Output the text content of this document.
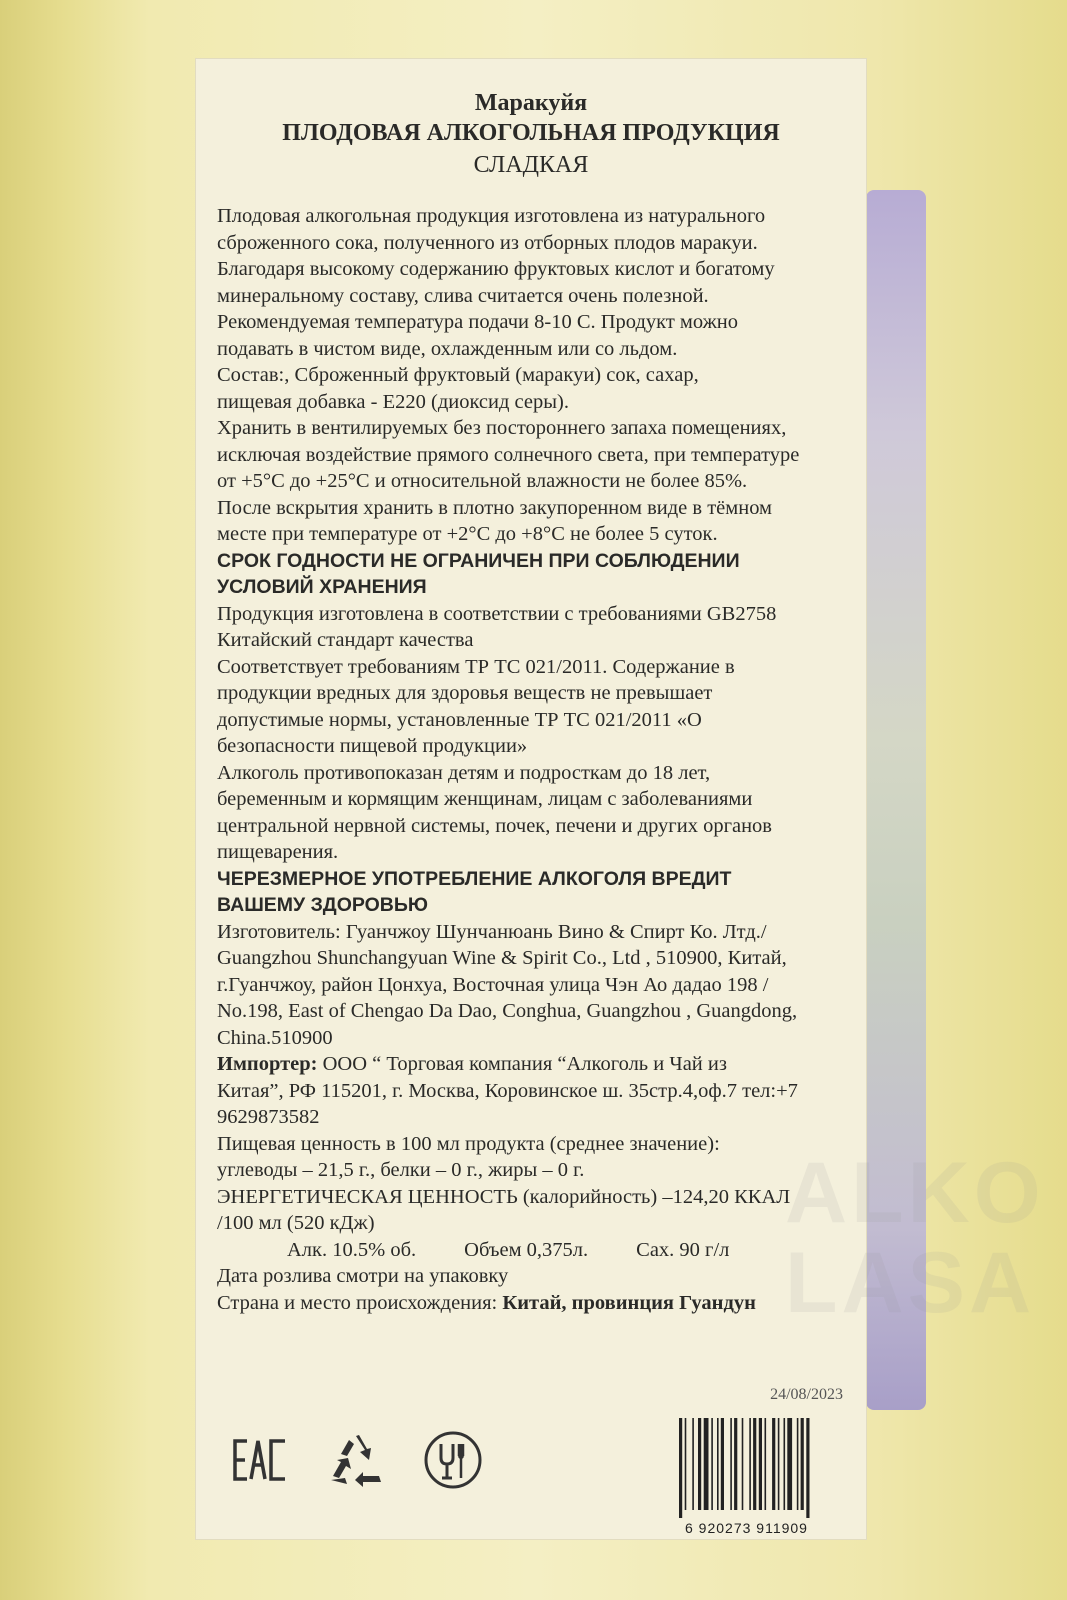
ALKO
LASA
Маракуйя
ПЛОДОВАЯ АЛКОГОЛЬНАЯ ПРОДУКЦИЯ
СЛАДКАЯ

Плодовая алкогольная продукция изготовлена из натурального

сброженного сока, полученного из отборных плодов маракуи.

Благодаря высокому содержанию фруктовых кислот и богатому

минеральному составу, слива считается очень полезной.

Рекомендуемая температура подачи 8-10 С. Продукт можно

подавать в чистом виде, охлажденным или со льдом.

Состав:, Сброженный фруктовый (маракуи) сок, сахар,

пищевая добавка - Е220 (диоксид серы).

Хранить в вентилируемых без постороннего запаха помещениях,

исключая воздействие прямого солнечного света, при температуре

от +5°С до +25°С и относительной влажности не более 85%.

После вскрытия хранить в плотно закупоренном виде в тёмном

месте при температуре от +2°С до +8°С не более 5 суток.

СРОК ГОДНОСТИ НЕ ОГРАНИЧЕН ПРИ СОБЛЮДЕНИИ

УСЛОВИЙ ХРАНЕНИЯ

Продукция изготовлена в соответствии с требованиями GB2758

Китайский стандарт качества

Соответствует требованиям ТР ТС 021/2011. Содержание в

продукции вредных для здоровья веществ не превышает

допустимые нормы, установленные ТР ТС 021/2011 «О

безопасности пищевой продукции»

Алкоголь противопоказан детям и подросткам до 18 лет,

беременным и кормящим женщинам, лицам с заболеваниями

центральной нервной системы, почек, печени и других органов

пищеварения.

ЧЕРЕЗМЕРНОЕ УПОТРЕБЛЕНИЕ АЛКОГОЛЯ ВРЕДИТ

ВАШЕМУ ЗДОРОВЬЮ

Изготовитель: Гуанчжоу Шунчанюань Вино & Спирт Ко. Лтд./

Guangzhou Shunchangyuan Wine & Spirit Co., Ltd , 510900, Китай,

г.Гуанчжоу, район Цонхуа, Восточная улица Чэн Ао дадао 198 /

No.198, East of Chengao Da Dao, Conghua, Guangzhou , Guangdong,

China.510900

Импортер: ООО “ Торговая компания “Алкоголь и Чай из

Китая”, РФ 115201, г. Москва, Коровинское ш. 35стр.4,оф.7 тел:+7

9629873582

Пищевая ценность в 100 мл продукта (среднее значение):

углеводы – 21,5 г., белки – 0 г., жиры – 0 г.

ЭНЕРГЕТИЧЕСКАЯ ЦЕННОСТЬ (калорийность) –124,20 ККАЛ

/100 мл (520 кДж)

Алк. 10.5% об. Объем 0,375л. Сах. 90 г/л

Дата розлива смотри на упаковку

Страна и место происхождения: Китай, провинция Гуандун

24/08/2023
6 920273 911909
